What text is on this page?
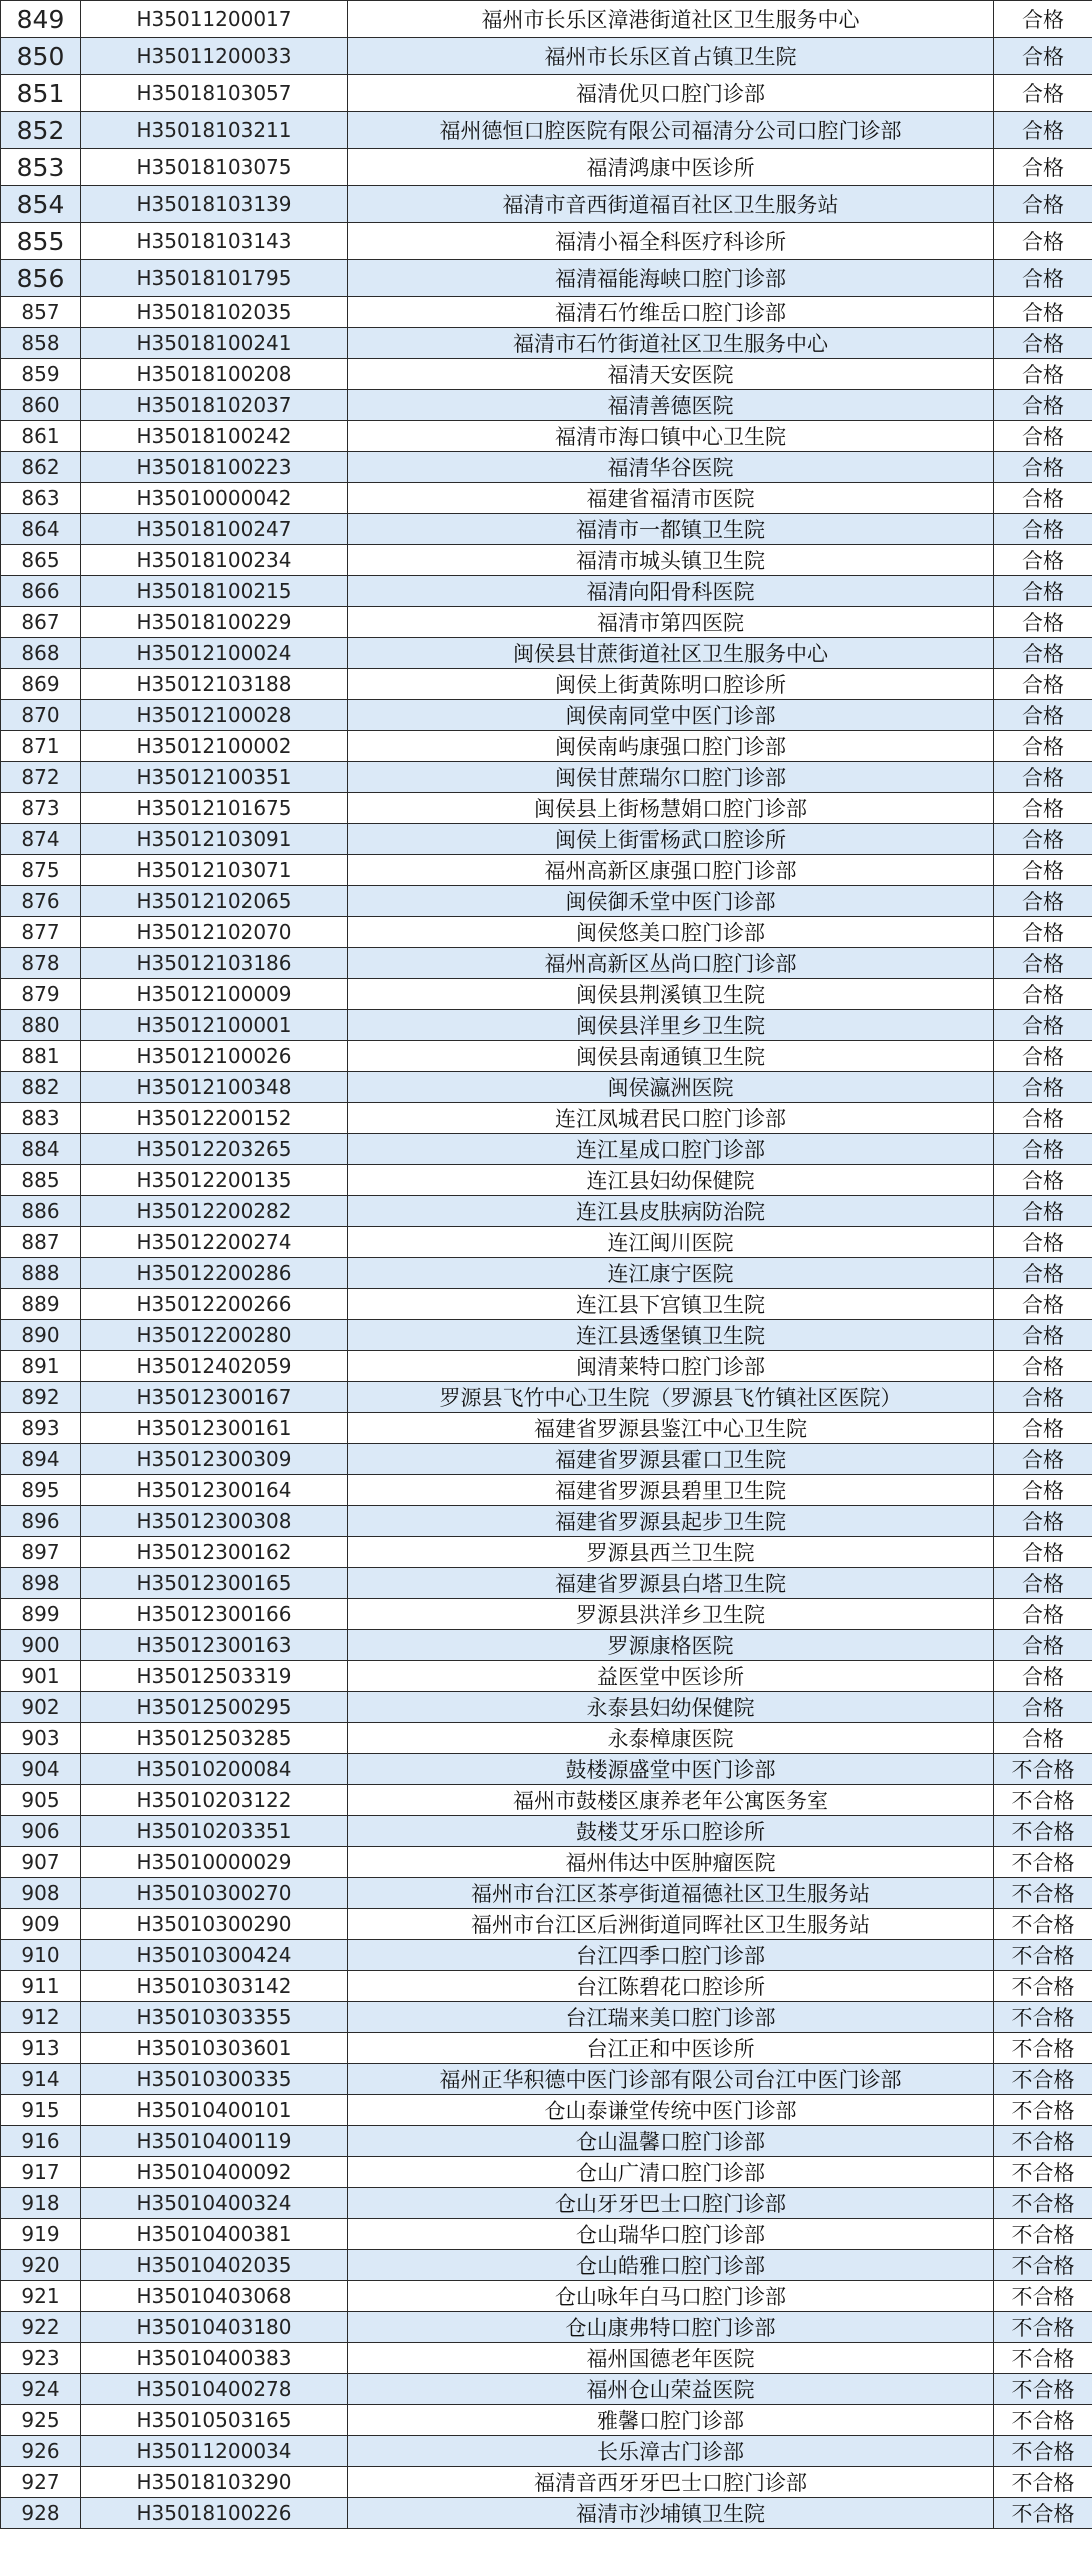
849	H35011200017	福州市长乐区漳港街道社区卫生服务中心	合格
850	H35011200033	福州市长乐区首占镇卫生院	合格
851	H35018103057	福清优贝口腔门诊部	合格
852	H35018103211	福州德恒口腔医院有限公司福清分公司口腔门诊部	合格
853	H35018103075	福清鸿康中医诊所	合格
854	H35018103139	福清市音西街道福百社区卫生服务站	合格
855	H35018103143	福清小福全科医疗科诊所	合格
856	H35018101795	福清福能海峡口腔门诊部	合格
857	H35018102035	福清石竹维岳口腔门诊部	合格
858	H35018100241	福清市石竹街道社区卫生服务中心	合格
859	H35018100208	福清天安医院	合格
860	H35018102037	福清善德医院	合格
861	H35018100242	福清市海口镇中心卫生院	合格
862	H35018100223	福清华谷医院	合格
863	H35010000042	福建省福清市医院	合格
864	H35018100247	福清市一都镇卫生院	合格
865	H35018100234	福清市城头镇卫生院	合格
866	H35018100215	福清向阳骨科医院	合格
867	H35018100229	福清市第四医院	合格
868	H35012100024	闽侯县甘蔗街道社区卫生服务中心	合格
869	H35012103188	闽侯上街黄陈明口腔诊所	合格
870	H35012100028	闽侯南同堂中医门诊部	合格
871	H35012100002	闽侯南屿康强口腔门诊部	合格
872	H35012100351	闽侯甘蔗瑞尔口腔门诊部	合格
873	H35012101675	闽侯县上街杨慧娟口腔门诊部	合格
874	H35012103091	闽侯上街雷杨武口腔诊所	合格
875	H35012103071	福州高新区康强口腔门诊部	合格
876	H35012102065	闽侯御禾堂中医门诊部	合格
877	H35012102070	闽侯悠美口腔门诊部	合格
878	H35012103186	福州高新区丛尚口腔门诊部	合格
879	H35012100009	闽侯县荆溪镇卫生院	合格
880	H35012100001	闽侯县洋里乡卫生院	合格
881	H35012100026	闽侯县南通镇卫生院	合格
882	H35012100348	闽侯瀛洲医院	合格
883	H35012200152	连江凤城君民口腔门诊部	合格
884	H35012203265	连江星成口腔门诊部	合格
885	H35012200135	连江县妇幼保健院	合格
886	H35012200282	连江县皮肤病防治院	合格
887	H35012200274	连江闽川医院	合格
888	H35012200286	连江康宁医院	合格
889	H35012200266	连江县下宫镇卫生院	合格
890	H35012200280	连江县透堡镇卫生院	合格
891	H35012402059	闽清莱特口腔门诊部	合格
892	H35012300167	罗源县飞竹中心卫生院（罗源县飞竹镇社区医院）	合格
893	H35012300161	福建省罗源县鉴江中心卫生院	合格
894	H35012300309	福建省罗源县霍口卫生院	合格
895	H35012300164	福建省罗源县碧里卫生院	合格
896	H35012300308	福建省罗源县起步卫生院	合格
897	H35012300162	罗源县西兰卫生院	合格
898	H35012300165	福建省罗源县白塔卫生院	合格
899	H35012300166	罗源县洪洋乡卫生院	合格
900	H35012300163	罗源康格医院	合格
901	H35012503319	益医堂中医诊所	合格
902	H35012500295	永泰县妇幼保健院	合格
903	H35012503285	永泰樟康医院	合格
904	H35010200084	鼓楼源盛堂中医门诊部	不合格
905	H35010203122	福州市鼓楼区康养老年公寓医务室	不合格
906	H35010203351	鼓楼艾牙乐口腔诊所	不合格
907	H35010000029	福州伟达中医肿瘤医院	不合格
908	H35010300270	福州市台江区茶亭街道福德社区卫生服务站	不合格
909	H35010300290	福州市台江区后洲街道同晖社区卫生服务站	不合格
910	H35010300424	台江四季口腔门诊部	不合格
911	H35010303142	台江陈碧花口腔诊所	不合格
912	H35010303355	台江瑞来美口腔门诊部	不合格
913	H35010303601	台江正和中医诊所	不合格
914	H35010300335	福州正华积德中医门诊部有限公司台江中医门诊部	不合格
915	H35010400101	仓山泰谦堂传统中医门诊部	不合格
916	H35010400119	仓山温馨口腔门诊部	不合格
917	H35010400092	仓山广清口腔门诊部	不合格
918	H35010400324	仓山牙牙巴士口腔门诊部	不合格
919	H35010400381	仓山瑞华口腔门诊部	不合格
920	H35010402035	仓山皓雅口腔门诊部	不合格
921	H35010403068	仓山咏年白马口腔门诊部	不合格
922	H35010403180	仓山康弗特口腔门诊部	不合格
923	H35010400383	福州国德老年医院	不合格
924	H35010400278	福州仓山荣益医院	不合格
925	H35010503165	雅馨口腔门诊部	不合格
926	H35011200034	长乐漳古门诊部	不合格
927	H35018103290	福清音西牙牙巴士口腔门诊部	不合格
928	H35018100226	福清市沙埔镇卫生院	不合格
